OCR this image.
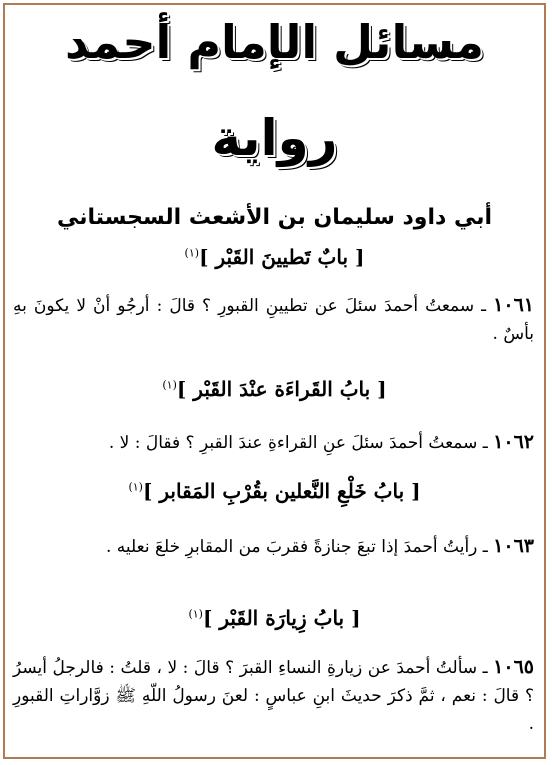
مسائل الإمام أحمد
رواية
أبي داود سليمان بن الأشعث السجستاني
[ بابٌ تَطيينَ القَبْر ]$^{(١)}$
١٠٦١ ـ سمعتُ أحمدَ سئلَ عن تطيينِ القبورِ ؟ قالَ : أرجُو أنْ لا يكونَ بهِ بأسٌ .
[ بابُ القَراءَة عنْدَ القَبْر ]$^{(١)}$
١٠٦٢ ـ سمعتُ أحمدَ سئلَ عنِ القراءةِ عندَ القبرِ ؟ فقالَ : لا .
[ بابُ خَلْعِ النَّعلين بقُرْبِ المَقابر ]$^{(١)}$
١٠٦٣ ـ رأيتُ أحمدَ إذا تبعَ جنازةً فقربَ من المقابرِ خلعَ نعليه .
[ بابُ زِيارَة القَبْر ]$^{(١)}$
١٠٦٥ ـ سألتُ أحمدَ عن زيارةِ النساءِ القبرَ ؟ قالَ : لا ، قلتُ : فالرجلُ أيسرُ ؟ قالَ : نعم ، ثمَّ ذكرَ حديثَ ابنِ عباسٍ : لعنَ رسولُ اللّهِ ﷺ زوَّاراتِ القبورِ .
